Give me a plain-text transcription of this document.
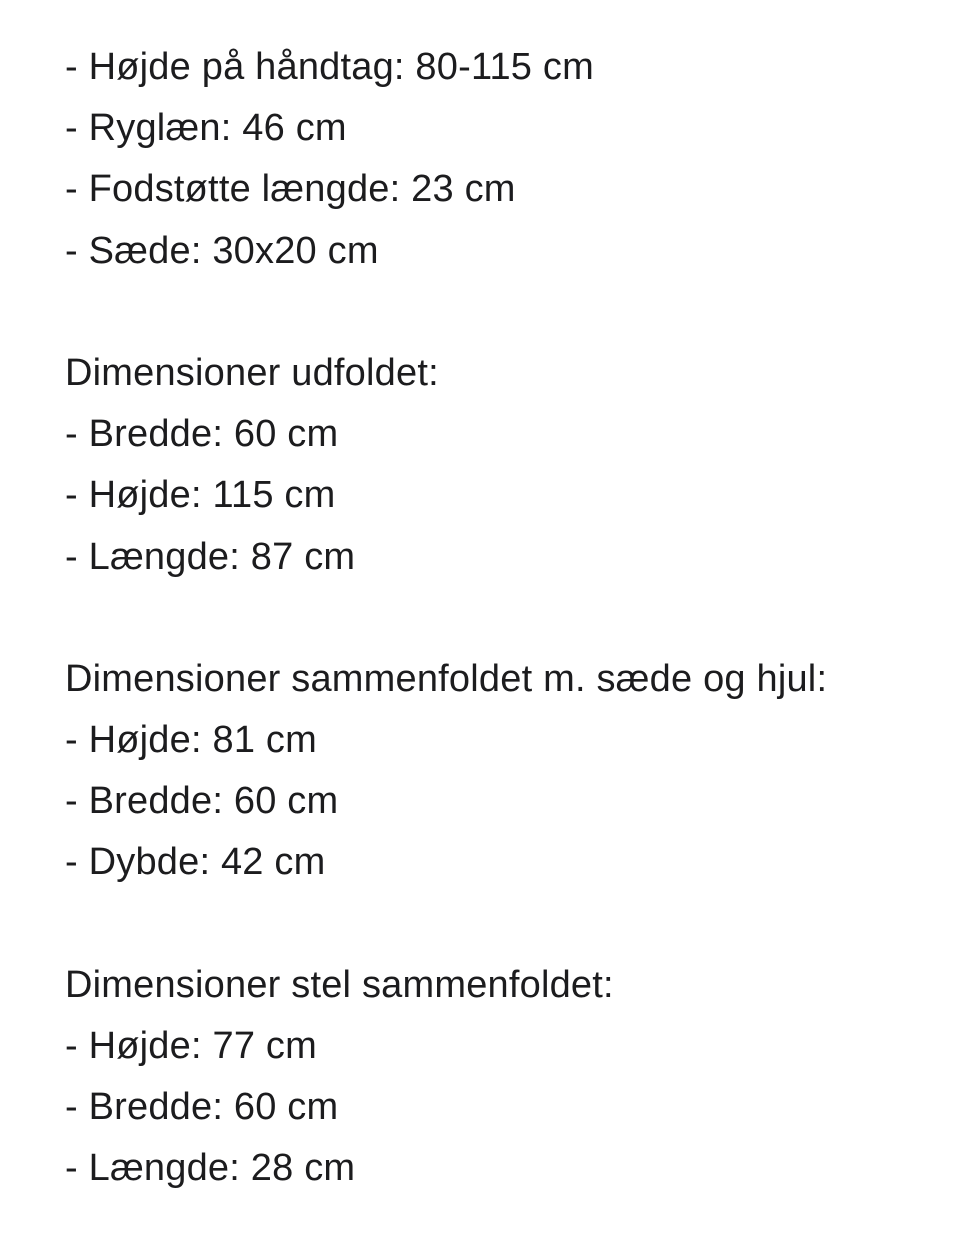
- Højde på håndtag: 80-115 cm
- Ryglæn: 46 cm
- Fodstøtte længde: 23 cm
- Sæde: 30x20 cm
Dimensioner udfoldet:
- Bredde: 60 cm
- Højde: 115 cm
- Længde: 87 cm
Dimensioner sammenfoldet m. sæde og hjul:
- Højde: 81 cm
- Bredde: 60 cm
- Dybde: 42 cm
Dimensioner stel sammenfoldet:
- Højde: 77 cm
- Bredde: 60 cm
- Længde: 28 cm
